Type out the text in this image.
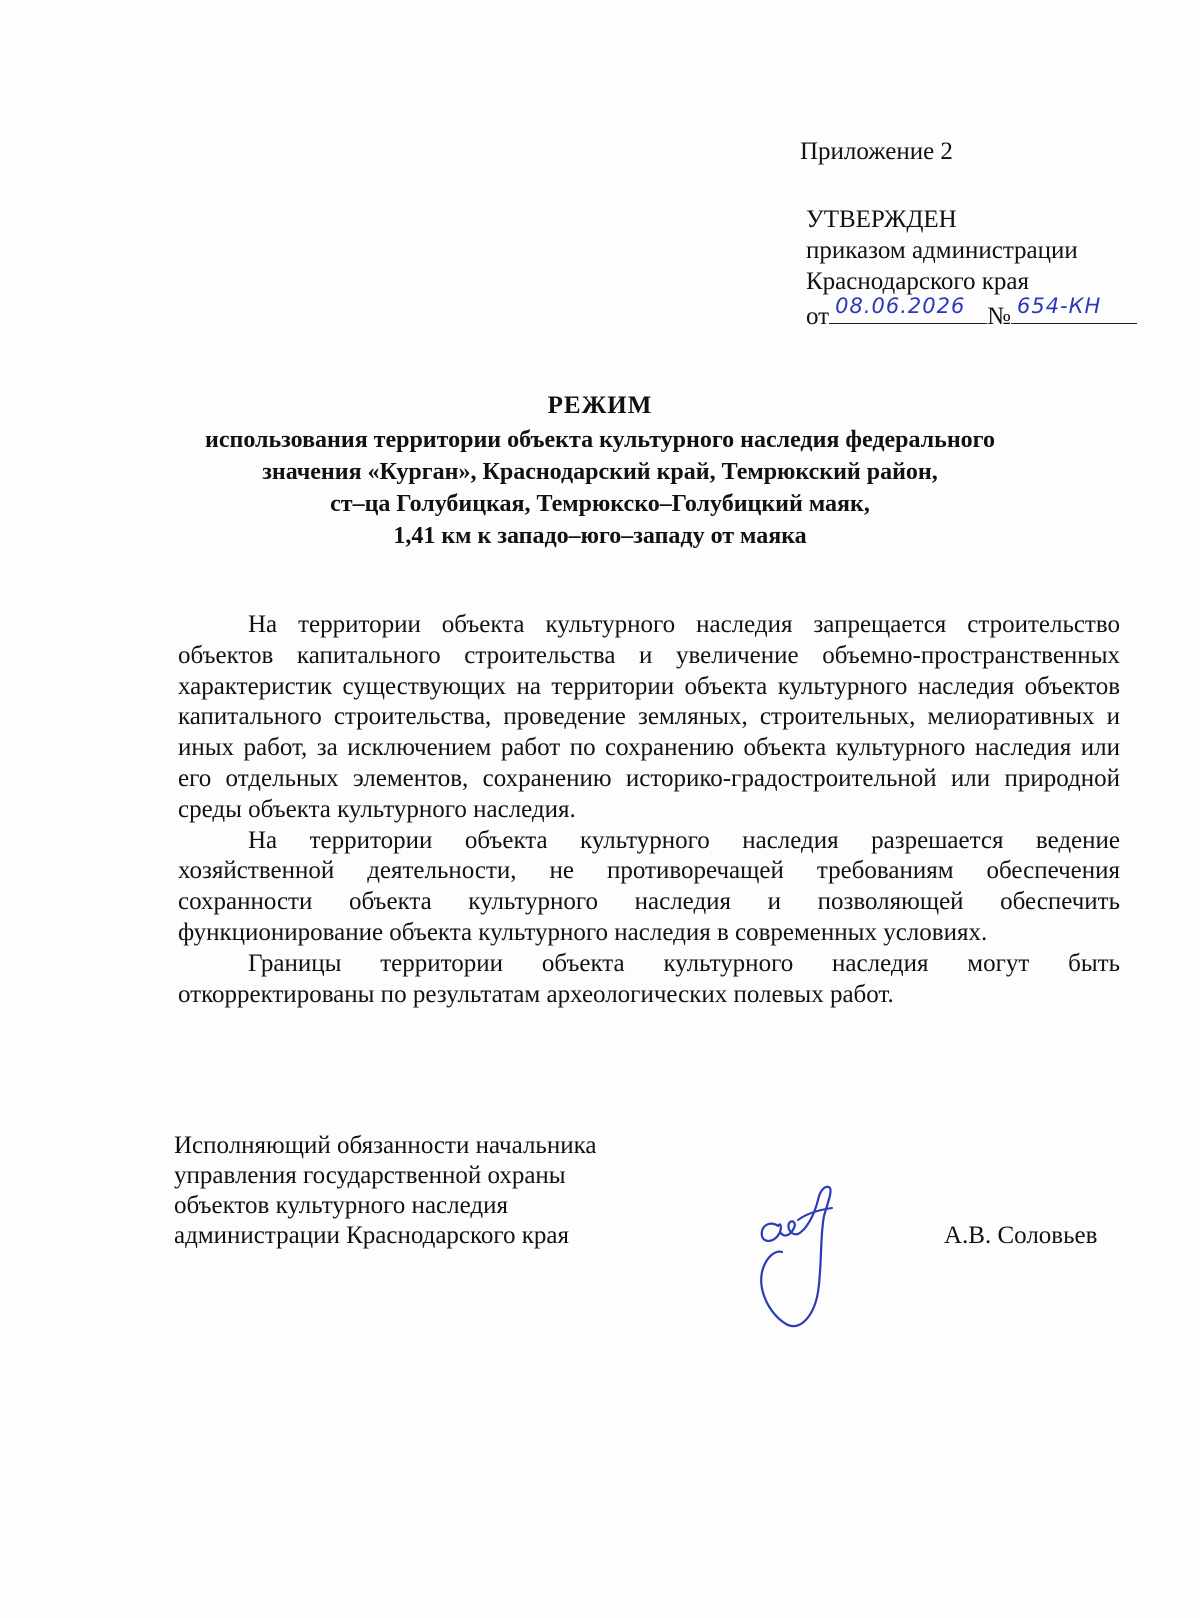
Приложение 2
УТВЕРЖДЕН
приказом администрации
Краснодарского края
от 08.06.2026 № 654-КН
РЕЖИМ
использования территории объекта культурного наследия федерального
значения «Курган», Краснодарский край, Темрюкский район,
ст–ца Голубицкая, Темрюкско–Голубицкий маяк,
1,41 км к западо–юго–западу от маяка

На территории объекта культурного наследия запрещается строительство объектов капитального строительства и увеличение объемно-пространственных характеристик существующих на территории объекта культурного наследия объектов капитального строительства, проведение земляных, строительных, мелиоративных и иных работ, за исключением работ по сохранению объекта культурного наследия или его отдельных элементов, сохранению историко-градостроительной или природной среды объекта культурного наследия.

На территории объекта культурного наследия разрешается ведение хозяйственной деятельности, не противоречащей требованиям обеспечения сохранности объекта культурного наследия и позволяющей обеспечить функционирование объекта культурного наследия в современных условиях.

Границы территории объекта культурного наследия могут быть откорректированы по результатам археологических полевых работ.

Исполняющий обязанности начальника
управления государственной охраны
объектов культурного наследия
администрации Краснодарского края	А.В. Соловьев
